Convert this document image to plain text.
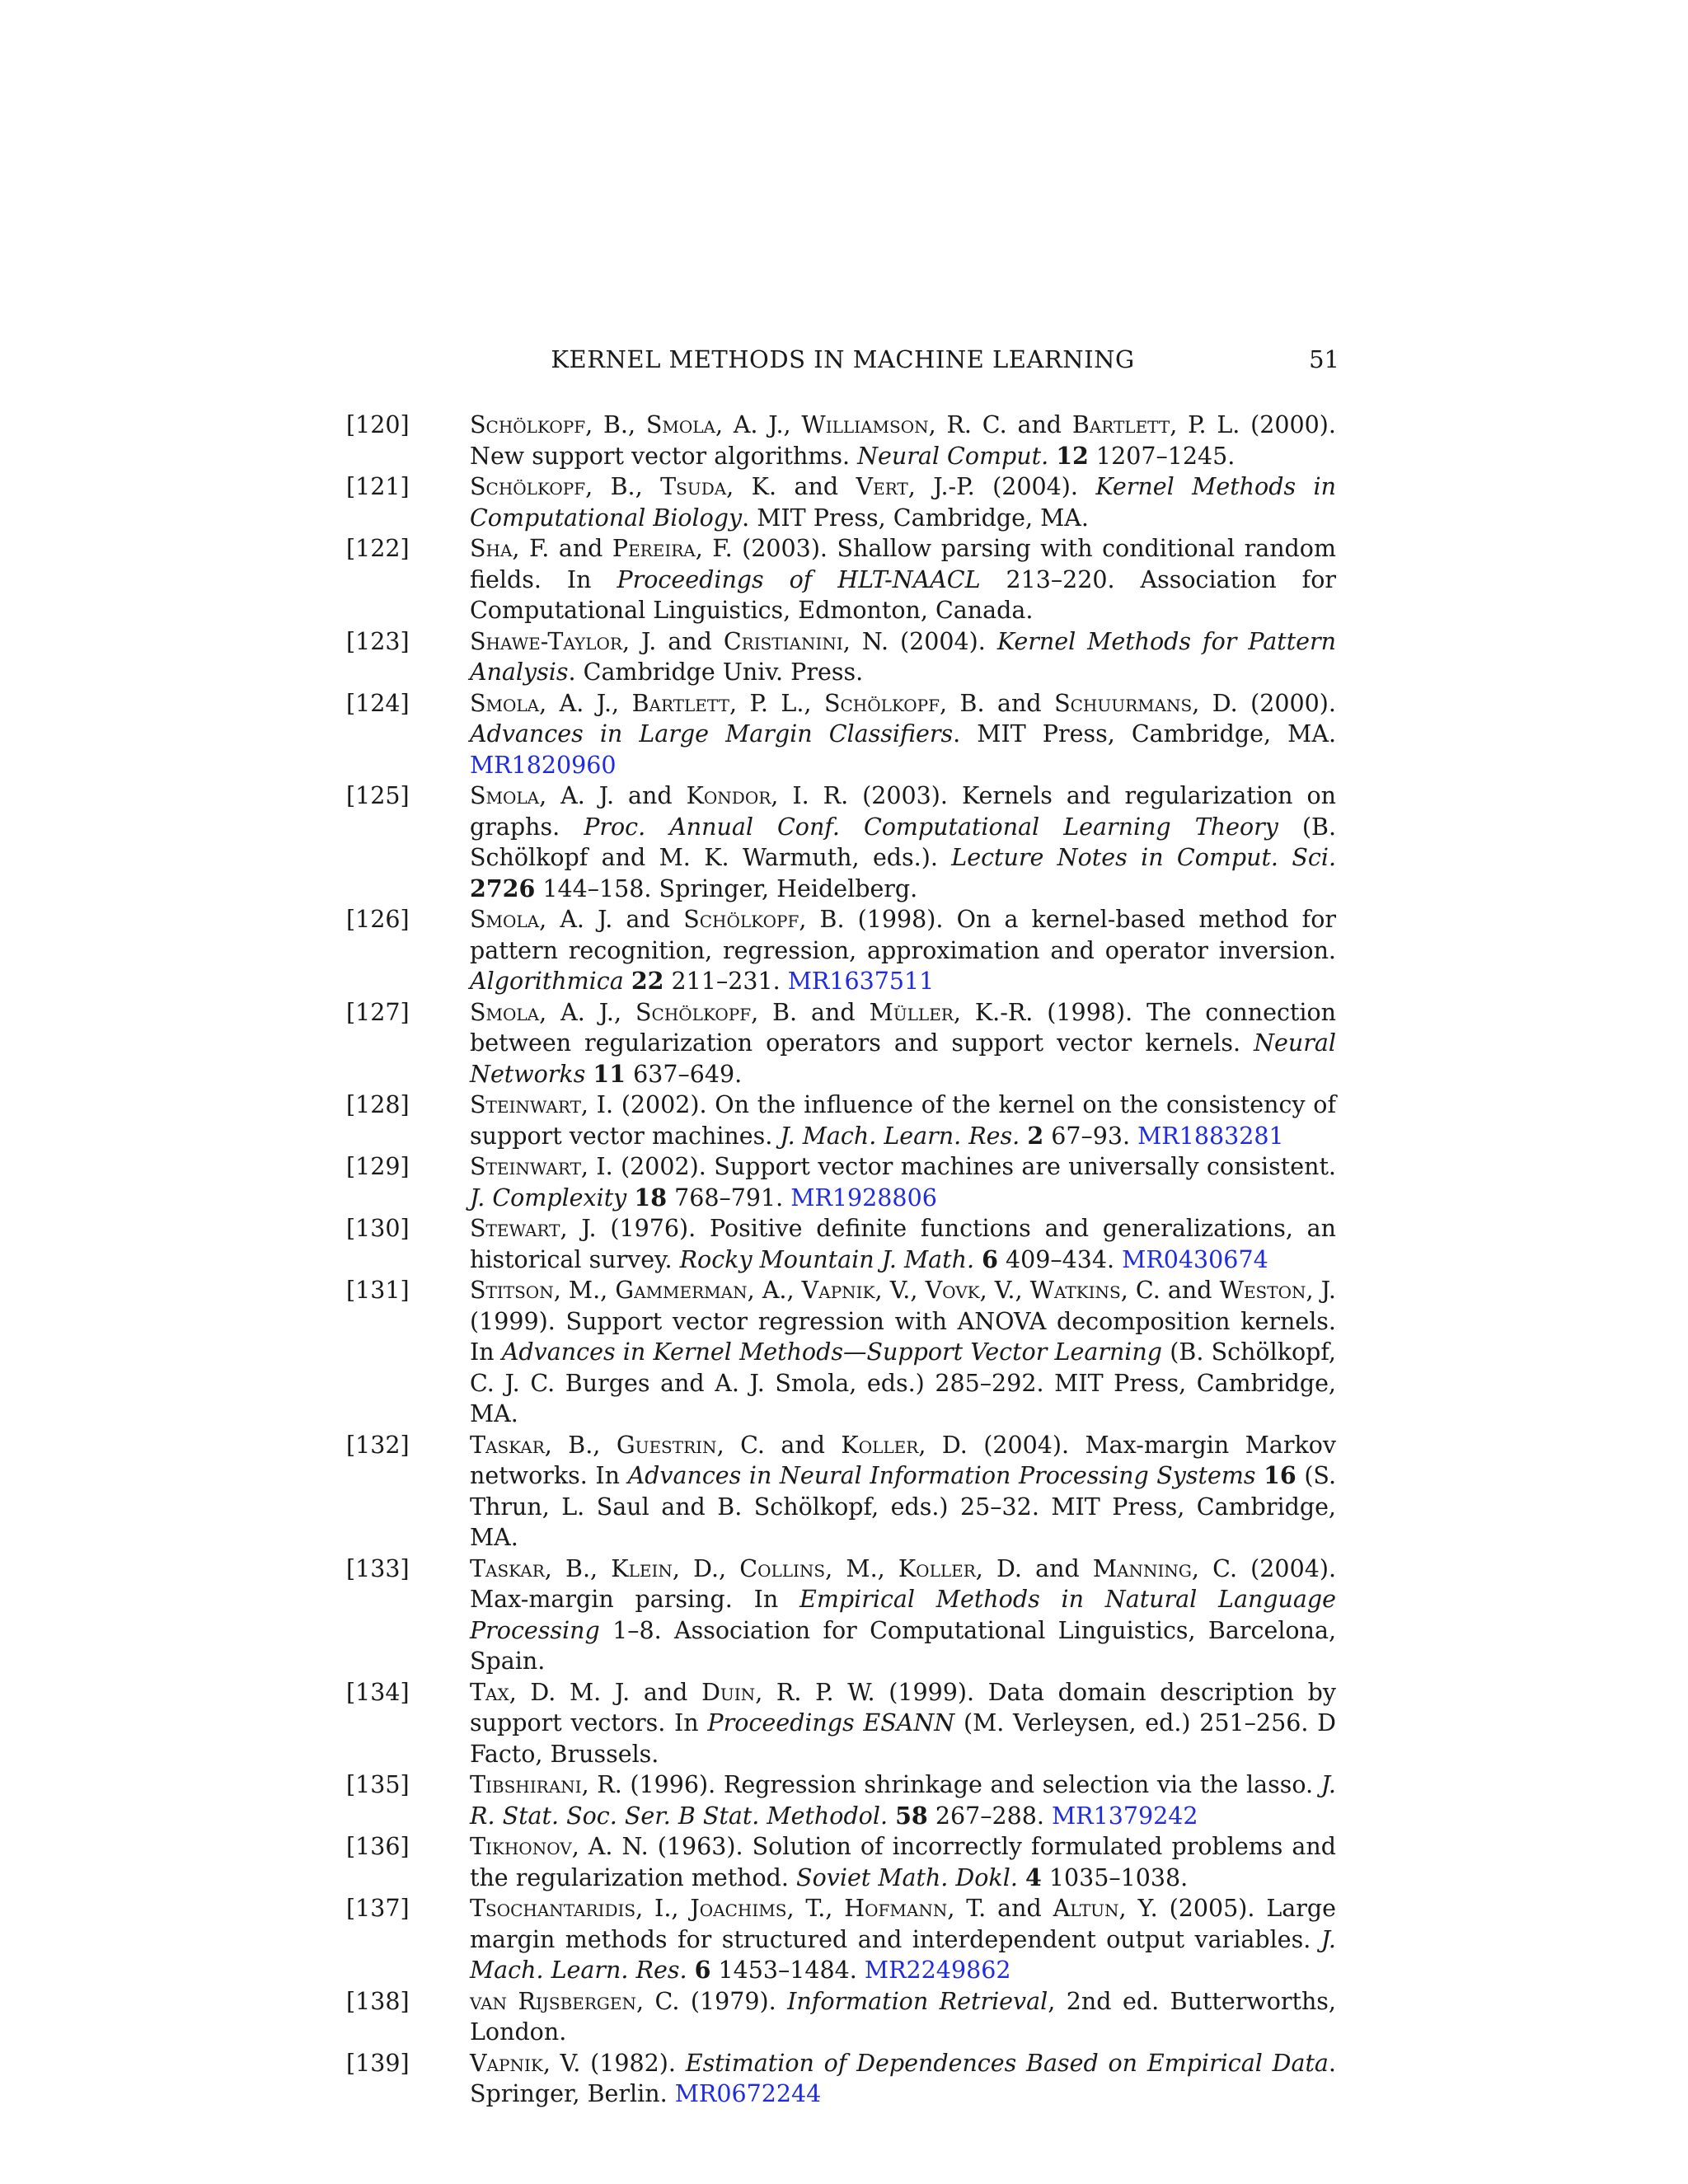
KERNEL METHODS IN MACHINE LEARNING	51
[120]	Schölkopf, B., Smola, A. J., Williamson, R. C. and Bartlett, P. L. (2000). New support vector algorithms. Neural Comput. 12 1207–1245.
[121]	Schölkopf, B., Tsuda, K. and Vert, J.-P. (2004). Kernel Methods in Computational Biology. MIT Press, Cambridge, MA.
[122]	Sha, F. and Pereira, F. (2003). Shallow parsing with conditional random fields. In Proceedings of HLT-NAACL 213–220. Association for Computational Linguistics, Edmonton, Canada.
[123]	Shawe-Taylor, J. and Cristianini, N. (2004). Kernel Methods for Pattern Analysis. Cambridge Univ. Press.
[124]	Smola, A. J., Bartlett, P. L., Schölkopf, B. and Schuurmans, D. (2000). Advances in Large Margin Classifiers. MIT Press, Cambridge, MA. MR1820960
[125]	Smola, A. J. and Kondor, I. R. (2003). Kernels and regularization on graphs. Proc. Annual Conf. Computational Learning Theory (B. Schölkopf and M. K. Warmuth, eds.). Lecture Notes in Comput. Sci. 2726 144–158. Springer, Heidelberg.
[126]	Smola, A. J. and Schölkopf, B. (1998). On a kernel-based method for pattern recognition, regression, approximation and operator inversion. Algorithmica 22 211–231. MR1637511
[127]	Smola, A. J., Schölkopf, B. and Müller, K.-R. (1998). The connection between regularization operators and support vector kernels. Neural Networks 11 637–649.
[128]	Steinwart, I. (2002). On the influence of the kernel on the consistency of support vector machines. J. Mach. Learn. Res. 2 67–93. MR1883281
[129]	Steinwart, I. (2002). Support vector machines are universally consistent. J. Complexity 18 768–791. MR1928806
[130]	Stewart, J. (1976). Positive definite functions and generalizations, an historical survey. Rocky Mountain J. Math. 6 409–434. MR0430674
[131]	Stitson, M., Gammerman, A., Vapnik, V., Vovk, V., Watkins, C. and Weston, J. (1999). Support vector regression with ANOVA decomposition kernels. In Advances in Kernel Methods—Support Vector Learning (B. Schölkopf, C. J. C. Burges and A. J. Smola, eds.) 285–292. MIT Press, Cambridge, MA.
[132]	Taskar, B., Guestrin, C. and Koller, D. (2004). Max-margin Markov networks. In Advances in Neural Information Processing Systems 16 (S. Thrun, L. Saul and B. Schölkopf, eds.) 25–32. MIT Press, Cambridge, MA.
[133]	Taskar, B., Klein, D., Collins, M., Koller, D. and Manning, C. (2004). Max-margin parsing. In Empirical Methods in Natural Language Processing 1–8. Association for Computational Linguistics, Barcelona, Spain.
[134]	Tax, D. M. J. and Duin, R. P. W. (1999). Data domain description by support vectors. In Proceedings ESANN (M. Verleysen, ed.) 251–256. D Facto, Brussels.
[135]	Tibshirani, R. (1996). Regression shrinkage and selection via the lasso. J. R. Stat. Soc. Ser. B Stat. Methodol. 58 267–288. MR1379242
[136]	Tikhonov, A. N. (1963). Solution of incorrectly formulated problems and the regularization method. Soviet Math. Dokl. 4 1035–1038.
[137]	Tsochantaridis, I., Joachims, T., Hofmann, T. and Altun, Y. (2005). Large margin methods for structured and interdependent output variables. J. Mach. Learn. Res. 6 1453–1484. MR2249862
[138]	van Rijsbergen, C. (1979). Information Retrieval, 2nd ed. Butterworths, London.
[139]	Vapnik, V. (1982). Estimation of Dependences Based on Empirical Data. Springer, Berlin. MR0672244
